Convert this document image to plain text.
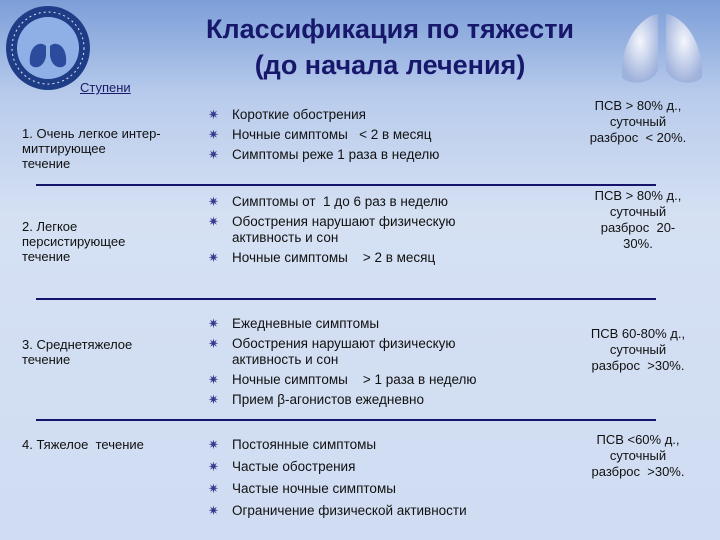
Классификация по тяжести
(до начала лечения)
Ступени
1. Очень легкое интер-
миттирующее
течение
✷ Короткие обострения
✷ Ночные симптомы   < 2 в месяц
✷ Симптомы реже 1 раза в неделю
ПСВ > 80% д.,
суточный
разброс  < 20%.
2. Легкое
персистирующее
течение
✷ Симптомы от  1 до 6 раз в неделю
✷ Обострения нарушают физическую
активность и сон
✷ Ночные симптомы    > 2 в месяц
ПСВ > 80% д.,
суточный
разброс  20-
30%.
3. Среднетяжелое
течение
✷ Ежедневные симптомы
✷ Обострения нарушают физическую
активность и сон
✷ Ночные симптомы    > 1 раза в неделю
✷ Прием β-агонистов ежедневно
ПСВ 60-80% д.,
суточный
разброс  >30%.
4. Тяжелое  течение	✷ Постоянные симптомы
✷ Частые обострения
✷ Частые ночные симптомы
✷ Ограничение физической активности
ПСВ <60% д.,
суточный
разброс  >30%.
